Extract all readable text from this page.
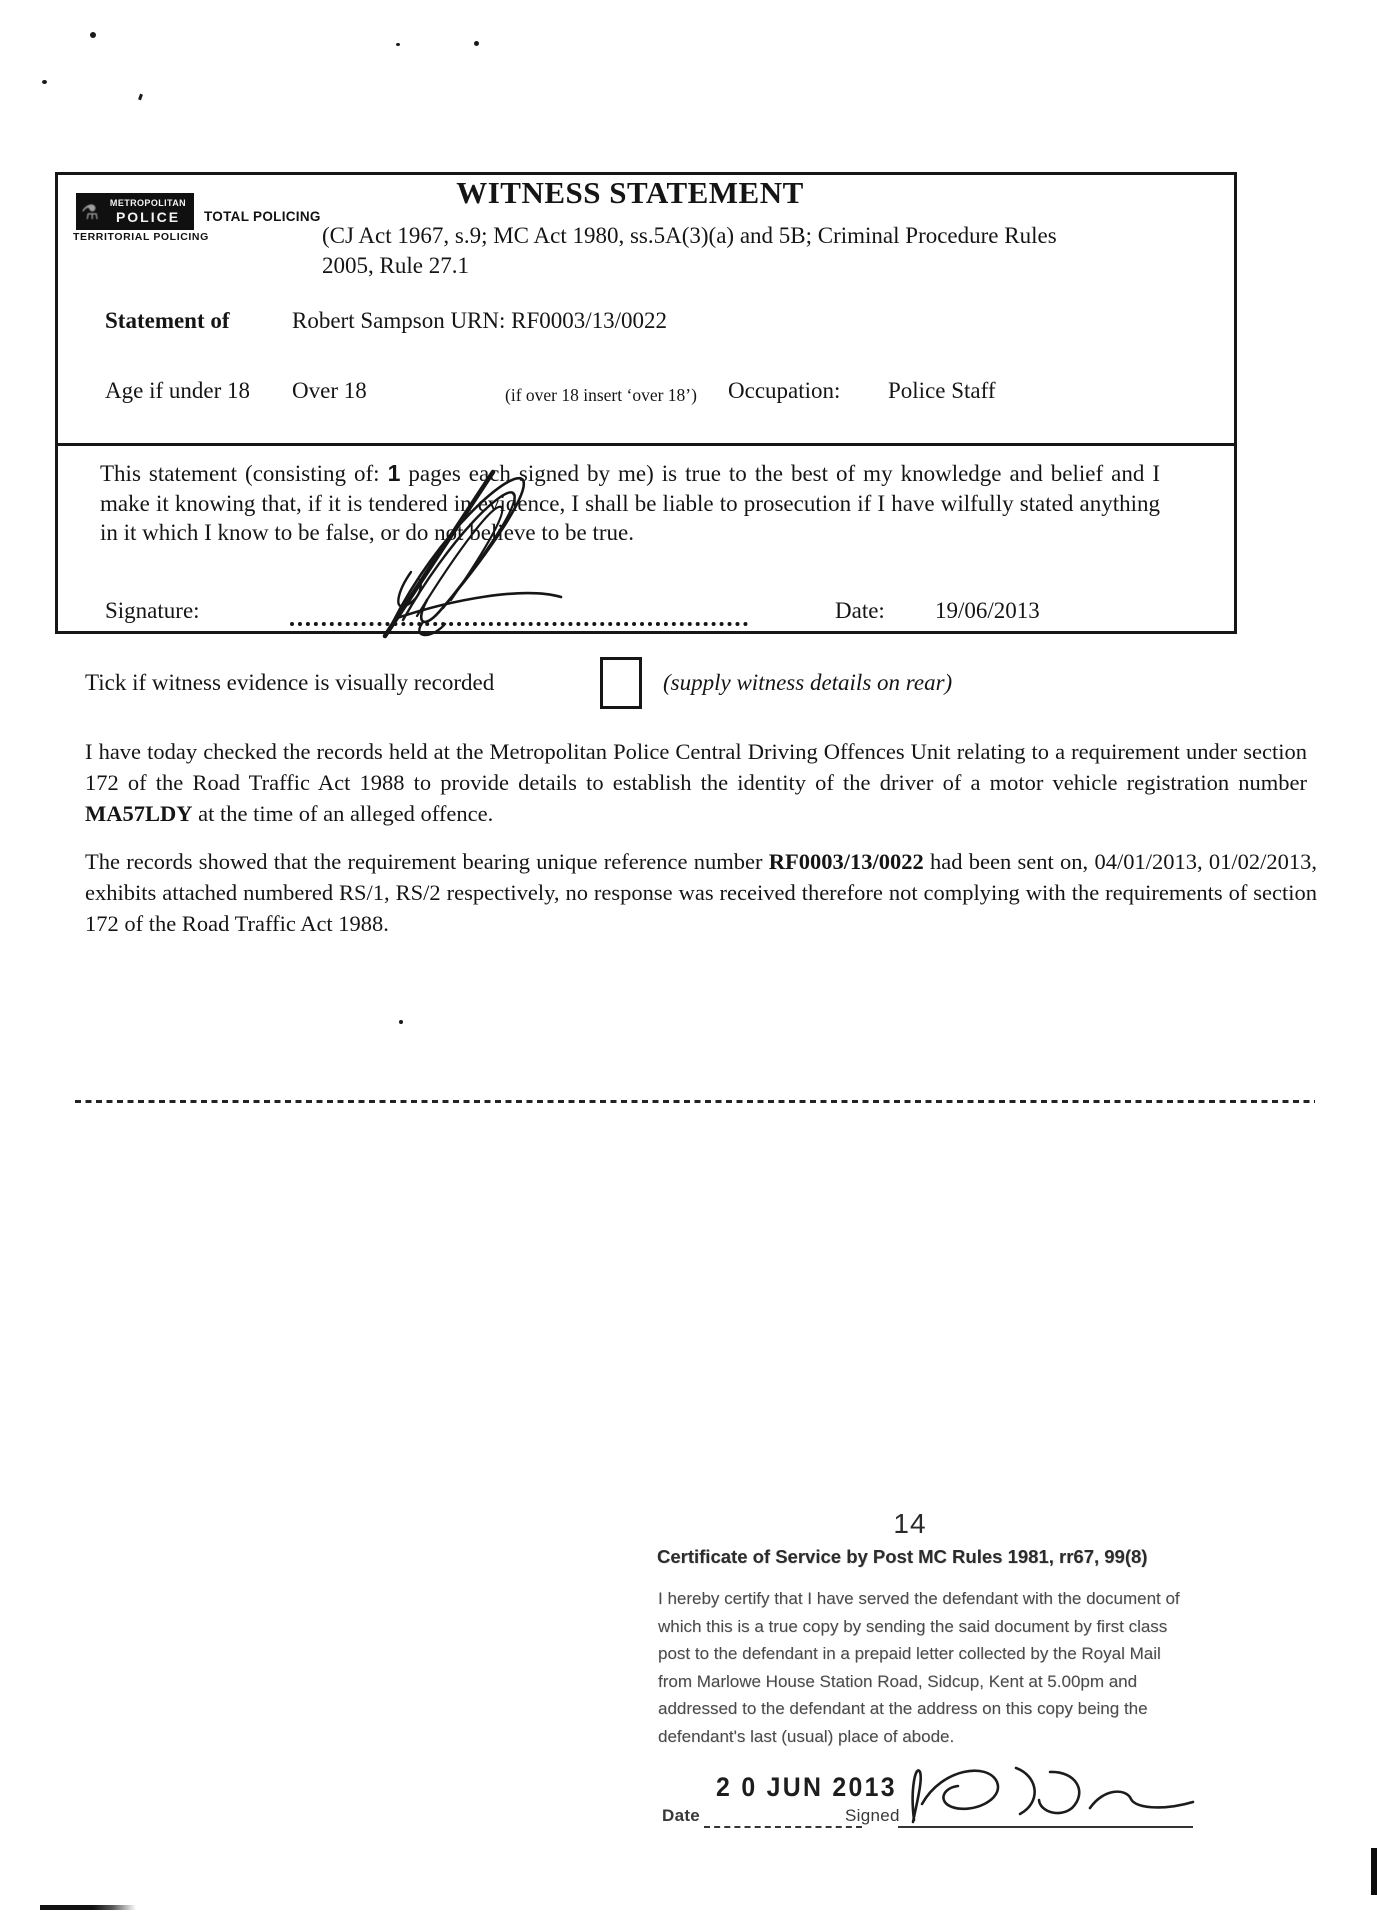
⚗	METROPOLITAN
POLICE	TOTAL POLICING
TERRITORIAL POLICING
WITNESS STATEMENT
(CJ Act 1967, s.9; MC Act 1980, ss.5A(3)(a) and 5B; Criminal Procedure Rules
2005, Rule 27.1
Statement of	Robert Sampson URN: RF0003/13/0022
Age if under 18 Over 18	(if over 18 insert ‘over 18’) Occupation: Police Staff
This statement (consisting of: 1 pages each signed by me) is true to the best of my knowledge and belief and I make it knowing that, if it is tendered in evidence, I shall be liable to prosecution if I have wilfully stated anything in it which I know to be false, or do not believe to be true.
Signature:	Date: 19/06/2013
Tick if witness evidence is visually recorded	(supply witness details on rear)
I have today checked the records held at the Metropolitan Police Central Driving Offences Unit relating to a requirement under section 172 of the Road Traffic Act 1988 to provide details to establish the identity of the driver of a motor vehicle registration number MA57LDY at the time of an alleged offence.
The records showed that the requirement bearing unique reference number RF0003/13/0022 had been sent on, 04/01/2013, 01/02/2013, exhibits attached numbered RS/1, RS/2 respectively, no response was received therefore not complying with the requirements of section 172 of the Road Traffic Act 1988.
14
Certificate of Service by Post MC Rules 1981, rr67, 99(8)
I hereby certify that I have served the defendant with the document of which this is a true copy by sending the said document by first class post to the defendant in a prepaid letter collected by the Royal Mail from Marlowe House Station Road, Sidcup, Kent at 5.00pm and addressed to the defendant at the address on this copy being the defendant's last (usual) place of abode.
Date
2 0 JUN 2013
Signed
